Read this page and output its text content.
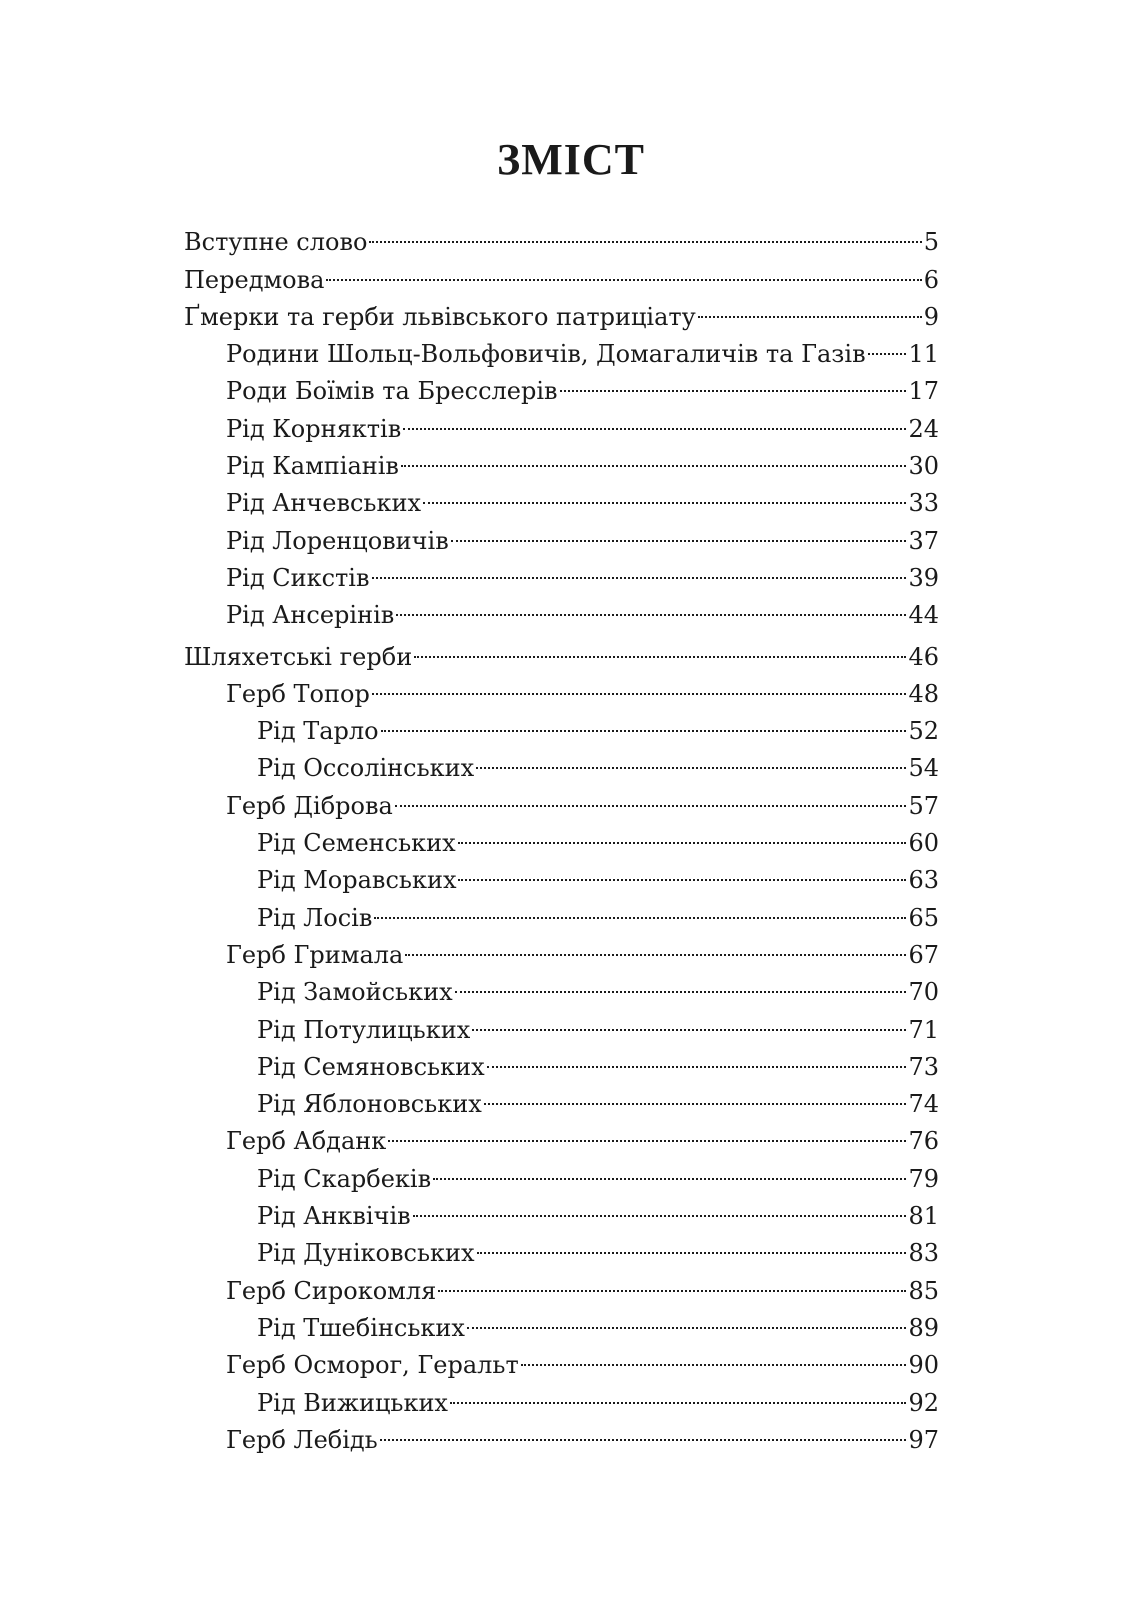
ЗМІСТ
Вступне слово	5
Передмова	6
Ґмерки та герби львівського патриціату	9
Родини Шольц-Вольфовичів, Домагаличів та Газів 11
Роди Боїмів та Бресслерів	17
Рід Корняктів	24
Рід Кампіанів	30
Рід Анчевських	33
Рід Лоренцовичів	37
Рід Сикстів	39
Рід Ансерінів	44
Шляхетські герби	46
Герб Топор	48
Рід Тарло	52
Рід Оссолінських	54
Герб Діброва	57
Рід Семенських	60
Рід Моравських	63
Рід Лосів	65
Герб Гримала	67
Рід Замойських	70
Рід Потулицьких	71
Рід Семяновських	73
Рід Яблоновських	74
Герб Абданк	76
Рід Скарбеків	79
Рід Анквічів	81
Рід Дуніковських	83
Герб Сирокомля	85
Рід Тшебінських	89
Герб Осморог, Геральт	90
Рід Вижицьких	92
Герб Лебідь	97
